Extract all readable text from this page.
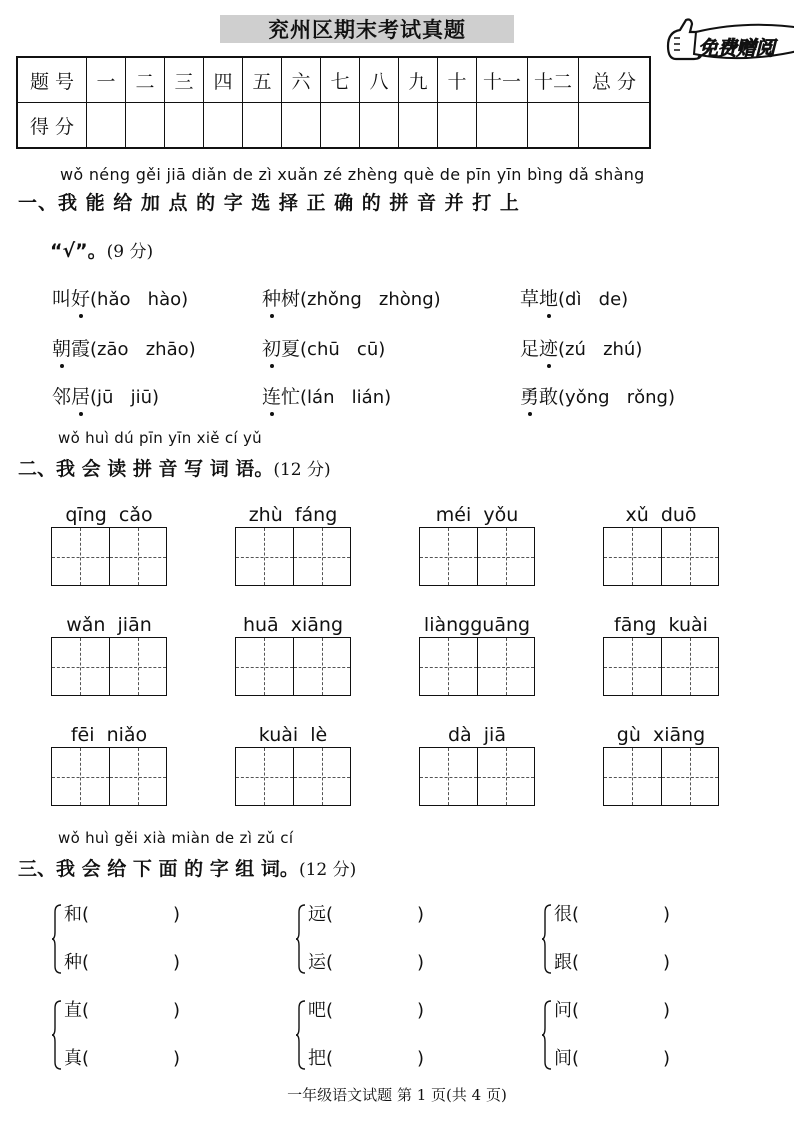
兖州区期末考试真题
免费赠阅
题 号	一	二	三	四	五	六	七	八	九	十	十一	十二	总 分
得 分													
wǒ néng gěi jiā diǎn de zì xuǎn zé zhèng què de pīn yīn bìng dǎ shàng
一、我 能 给 加 点 的 字 选 择 正 确 的 拼 音 并 打 上
“√”。(9 分)
叫好(hǎo   hào)	种树(zhǒng   zhòng)	草地(dì   de)
朝霞(zāo   zhāo)	初夏(chū   cū)	足迹(zú   zhú)
邻居(jū   jiū)	连忙(lán   lián)	勇敢(yǒng   rǒng)
wǒ huì dú pīn yīn xiě cí yǔ
二、我 会 读 拼 音 写 词 语。(12 分)
qīng  cǎo	zhù  fáng	méi  yǒu	xǔ  duō
wǎn  jiān	huā  xiāng	liàngguāng	fāng  kuài
fēi  niǎo	kuài  lè	dà  jiā	gù  xiāng
wǒ huì gěi xià miàn de zì zǔ cí
三、我 会 给 下 面 的 字 组 词。(12 分)
和(	)
种(	)
远(	)
运(	)
很(	)
跟(	)
直(	)
真(	)
吧(	)
把(	)
问(	)
间(	)
一年级语文试题 第 1 页(共 4 页)
